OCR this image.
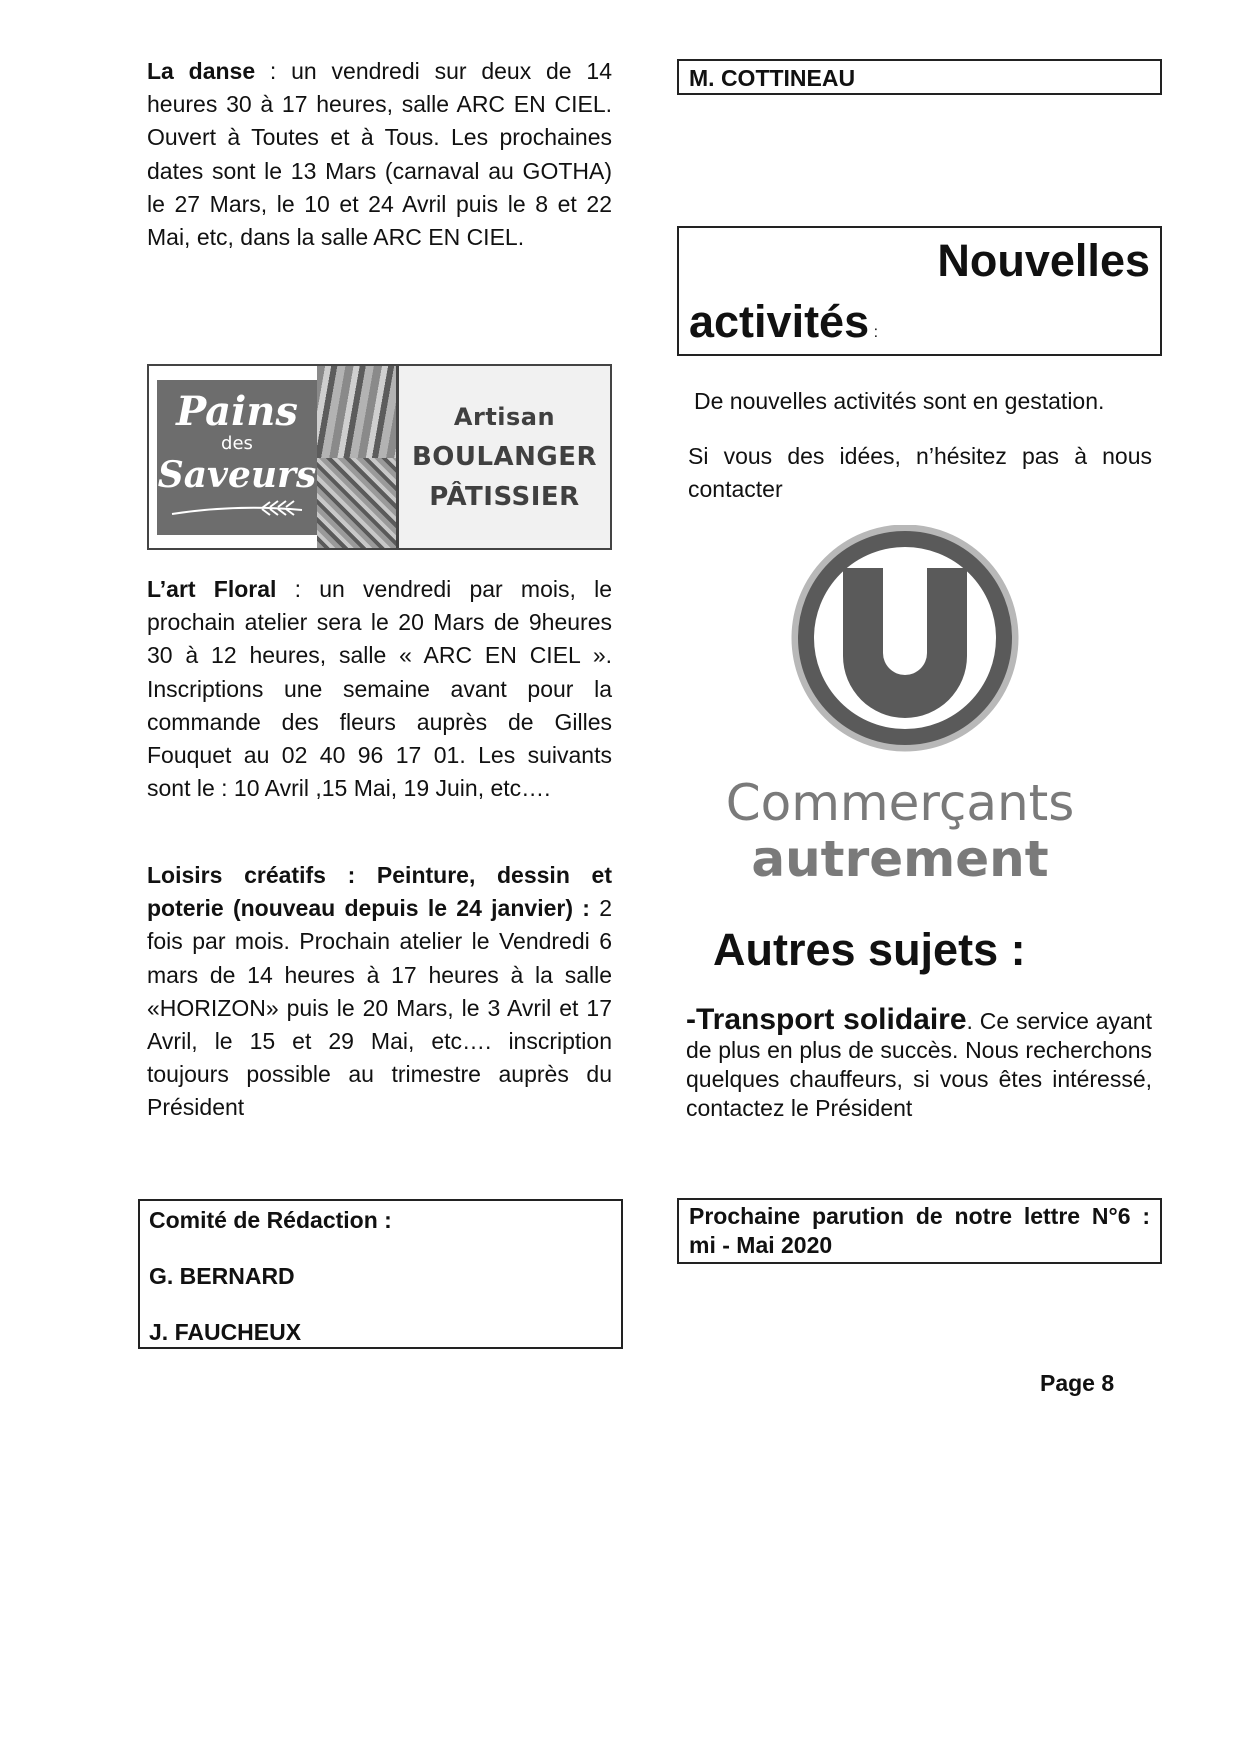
La danse : un vendredi sur deux de 14 heures 30 à 17 heures, salle ARC EN CIEL. Ouvert à Toutes et à Tous. Les prochaines dates sont le 13 Mars (carnaval au GOTHA) le 27 Mars, le 10 et 24 Avril puis le 8 et 22 Mai, etc, dans la salle ARC EN CIEL.

Pains
des
Saveurs
Artisan
BOULANGER
PÂTISSIER

L’art Floral : un vendredi par mois, le prochain atelier sera le 20 Mars de 9heures 30 à 12 heures, salle « ARC EN CIEL ». Inscriptions une semaine avant pour la commande des fleurs auprès de Gilles Fouquet au 02 40 96 17 01. Les suivants sont le : 10 Avril ,15 Mai, 19 Juin, etc….

Loisirs créatifs : Peinture, dessin et poterie (nouveau depuis le 24 janvier) : 2 fois par mois. Prochain atelier le Vendredi 6 mars de 14 heures à 17 heures à la salle «HORIZON» puis le 20 Mars, le 3 Avril et 17 Avril, le 15 et 29 Mai, etc…. inscription toujours possible au trimestre auprès du Président

Comité de Rédaction :
G. BERNARD
J. FAUCHEUX
M. COTTINEAU
Nouvelles
activités :

De nouvelles activités sont en gestation.

Si vous des idées, n’hésitez pas à nous contacter

Commerçants
autrement
Autres sujets :

-Transport solidaire. Ce service ayant de plus en plus de succès. Nous recherchons quelques chauffeurs, si vous êtes intéressé, contactez le Président

Prochaine parution de notre lettre N°6 : mi - Mai 2020
Page 8
